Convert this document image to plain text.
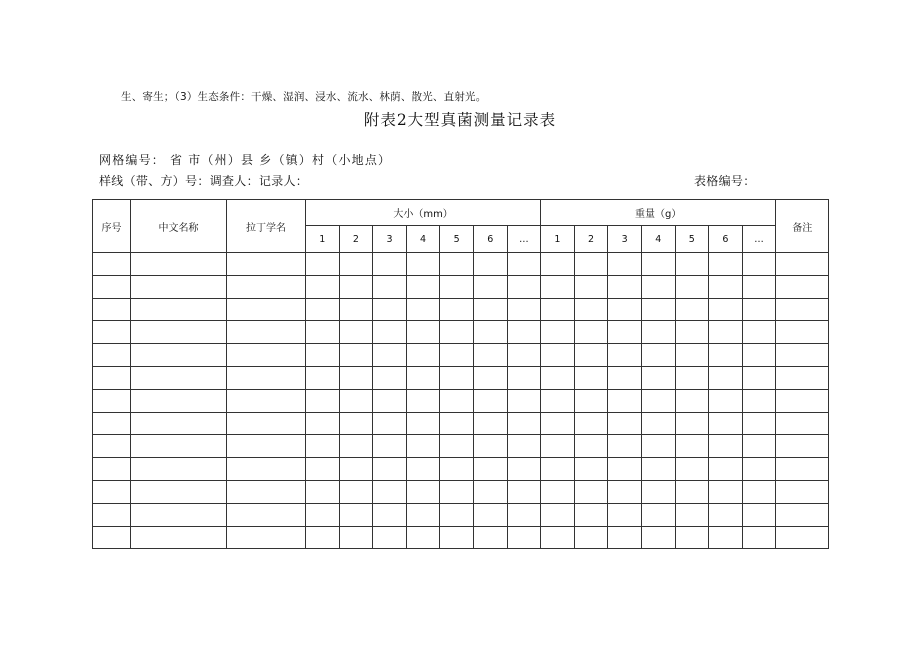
生、寄生；（3）生态条件：干燥、湿润、浸水、流水、林荫、散光、直射光。
附表2大型真菌测量记录表
网格编号： 省 市（州）县 乡（镇）村（小地点）
样线（带、方）号：调查人：记录人：	表格编号：
序号	中文名称	拉丁学名	大小（mm）							重量（g）							备注
			1	2	3	4	5	6	…	1	2	3	4	5	6	…	
